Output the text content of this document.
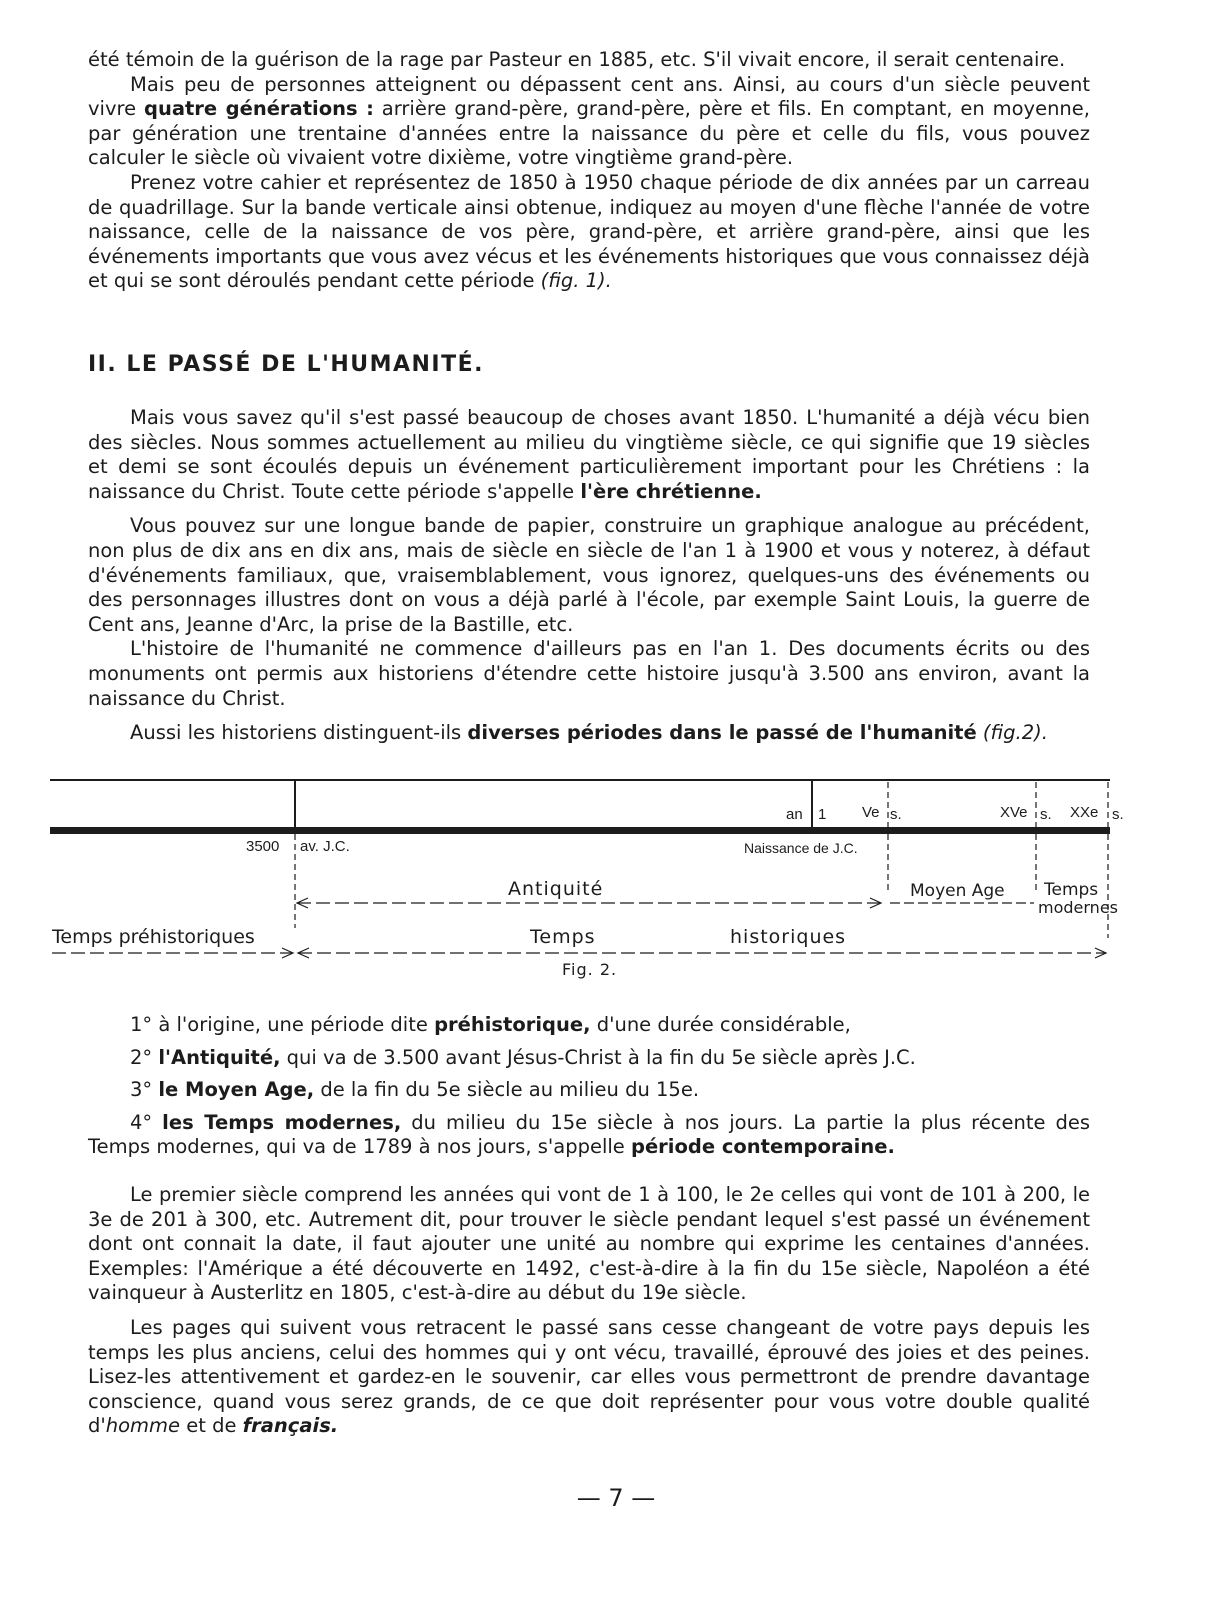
été témoin de la guérison de la rage par Pasteur en 1885, etc. S'il vivait encore, il serait centenaire.

Mais peu de personnes atteignent ou dépassent cent ans. Ainsi, au cours d'un siècle peuvent vivre quatre générations : arrière grand-père, grand-père, père et fils. En comptant, en moyenne, par génération une trentaine d'années entre la naissance du père et celle du fils, vous pouvez calculer le siècle où vivaient votre dixième, votre vingtième grand-père.

Prenez votre cahier et représentez de 1850 à 1950 chaque période de dix années par un carreau de quadrillage. Sur la bande verticale ainsi obtenue, indiquez au moyen d'une flèche l'année de votre naissance, celle de la naissance de vos père, grand-père, et arrière grand-père, ainsi que les événements importants que vous avez vécus et les événements historiques que vous connaissez déjà et qui se sont déroulés pendant cette période (fig. 1).

II. LE PASSÉ DE L'HUMANITÉ.

Mais vous savez qu'il s'est passé beaucoup de choses avant 1850. L'humanité a déjà vécu bien des siècles. Nous sommes actuellement au milieu du vingtième siècle, ce qui signifie que 19 siècles et demi se sont écoulés depuis un événement particulièrement important pour les Chrétiens : la naissance du Christ. Toute cette période s'appelle l'ère chrétienne.

Vous pouvez sur une longue bande de papier, construire un graphique analogue au précédent, non plus de dix ans en dix ans, mais de siècle en siècle de l'an 1 à 1900 et vous y noterez, à défaut d'événements familiaux, que, vraisemblablement, vous ignorez, quelques-uns des événements ou des personnages illustres dont on vous a déjà parlé à l'école, par exemple Saint Louis, la guerre de Cent ans, Jeanne d'Arc, la prise de la Bastille, etc.

L'histoire de l'humanité ne commence d'ailleurs pas en l'an 1. Des documents écrits ou des monuments ont permis aux historiens d'étendre cette histoire jusqu'à 3.500 ans environ, avant la naissance du Christ.

Aussi les historiens distinguent-ils diverses périodes dans le passé de l'humanité (fig.2).

an 1 Ve s.	XVe s. XXe s.
3500 av. J.C.	Naissance de J.C.
Antiquité	Moyen Age Temps
modernes
Temps préhistoriques	Temps	historiques
Fig. 2.
1° à l'origine, une période dite préhistorique, d'une durée considérable,
2° l'Antiquité, qui va de 3.500 avant Jésus-Christ à la fin du 5e siècle après J.C.
3° le Moyen Age, de la fin du 5e siècle au milieu du 15e.
4° les Temps modernes, du milieu du 15e siècle à nos jours. La partie la plus récente des Temps modernes, qui va de 1789 à nos jours, s'appelle période contemporaine.

Le premier siècle comprend les années qui vont de 1 à 100, le 2e celles qui vont de 101 à 200, le 3e de 201 à 300, etc. Autrement dit, pour trouver le siècle pendant lequel s'est passé un événement dont ont connait la date, il faut ajouter une unité au nombre qui exprime les centaines d'années. Exemples: l'Amérique a été découverte en 1492, c'est-à-dire à la fin du 15e siècle, Napoléon a été vainqueur à Austerlitz en 1805, c'est-à-dire au début du 19e siècle.

Les pages qui suivent vous retracent le passé sans cesse changeant de votre pays depuis les temps les plus anciens, celui des hommes qui y ont vécu, travaillé, éprouvé des joies et des peines. Lisez-les attentivement et gardez-en le souvenir, car elles vous permettront de prendre davantage conscience, quand vous serez grands, de ce que doit représenter pour vous votre double qualité d'homme et de français.

— 7 —
